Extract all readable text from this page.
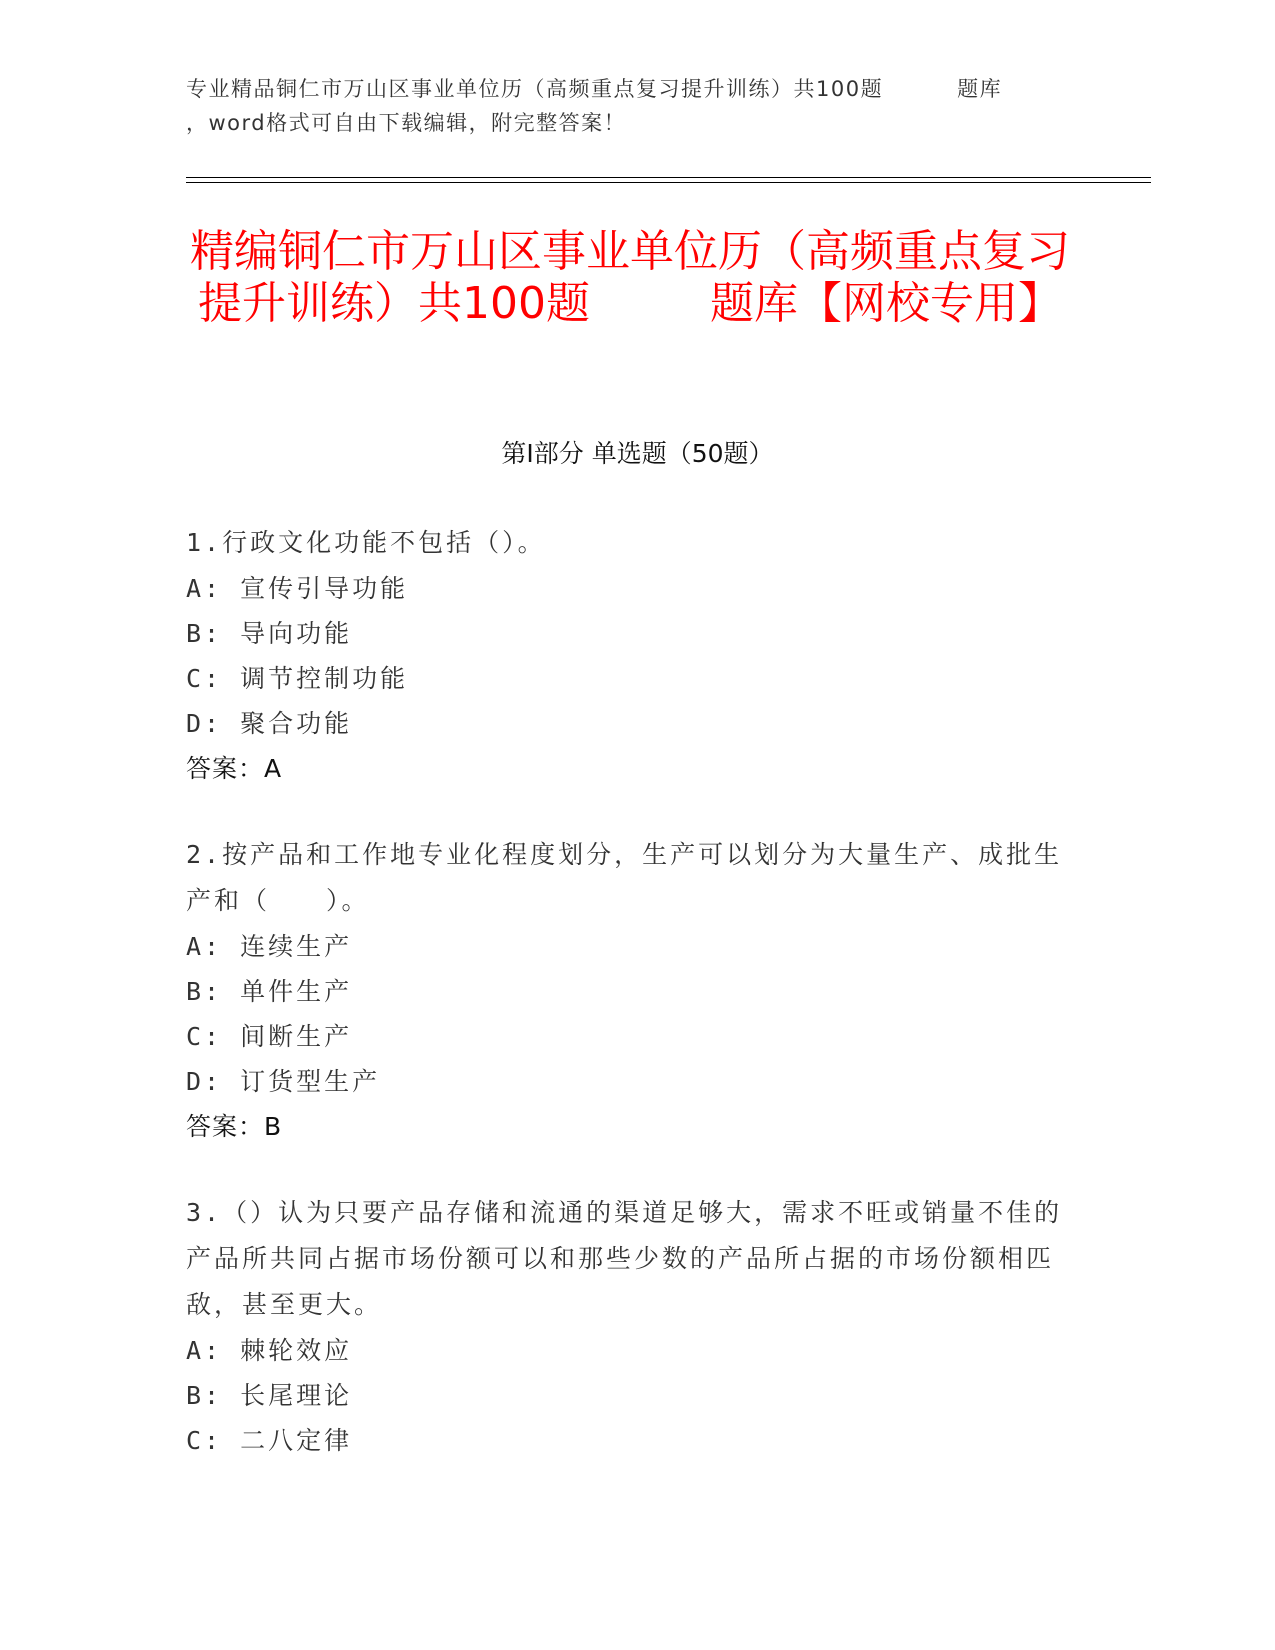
专业精品铜仁市万山区事业单位历（高频重点复习提升训练）共100题	题库
，word格式可自由下载编辑，附完整答案！
精编铜仁市万山区事业单位历（高频重点复习提升训练）共100题	题库【网校专用】
第Ⅰ部分 单选题（50题）

1.行政文化功能不包括（）。

A: 宣传引导功能

B: 导向功能

C: 调节控制功能

D: 聚合功能

答案：A

2.按产品和工作地专业化程度划分，生产可以划分为大量生产、成批生产和（　　）。

A: 连续生产

B: 单件生产

C: 间断生产

D: 订货型生产

答案：B

3.（）认为只要产品存储和流通的渠道足够大，需求不旺或销量不佳的产品所共同占据市场份额可以和那些少数的产品所占据的市场份额相匹敌，甚至更大。

A: 棘轮效应

B: 长尾理论

C: 二八定律
